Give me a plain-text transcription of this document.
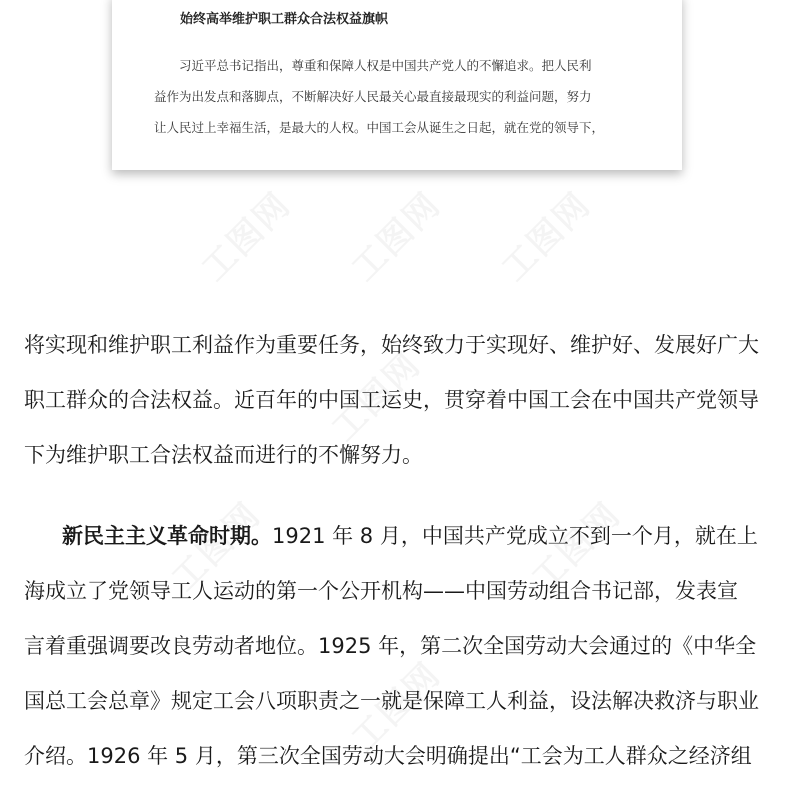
始终高举维护职工群众合法权益旗帜
习近平总书记指出，尊重和保障人权是中国共产党人的不懈追求。把人民利
益作为出发点和落脚点，不断解决好人民最关心最直接最现实的利益问题，努力
让人民过上幸福生活，是最大的人权。中国工会从诞生之日起，就在党的领导下，
将实现和维护职工利益作为重要任务，始终致力于实现好、维护好、发展好广大
职工群众的合法权益。近百年的中国工运史，贯穿着中国工会在中国共产党领导
下为维护职工合法权益而进行的不懈努力。
新民主主义革命时期。1921 年 8 月，中国共产党成立不到一个月，就在上
海成立了党领导工人运动的第一个公开机构——中国劳动组合书记部，发表宣
言着重强调要改良劳动者地位。1925 年，第二次全国劳动大会通过的《中华全
国总工会总章》规定工会八项职责之一就是保障工人利益，设法解决救济与职业
介绍。1926 年 5 月，第三次全国劳动大会明确提出“工会为工人群众之经济组
